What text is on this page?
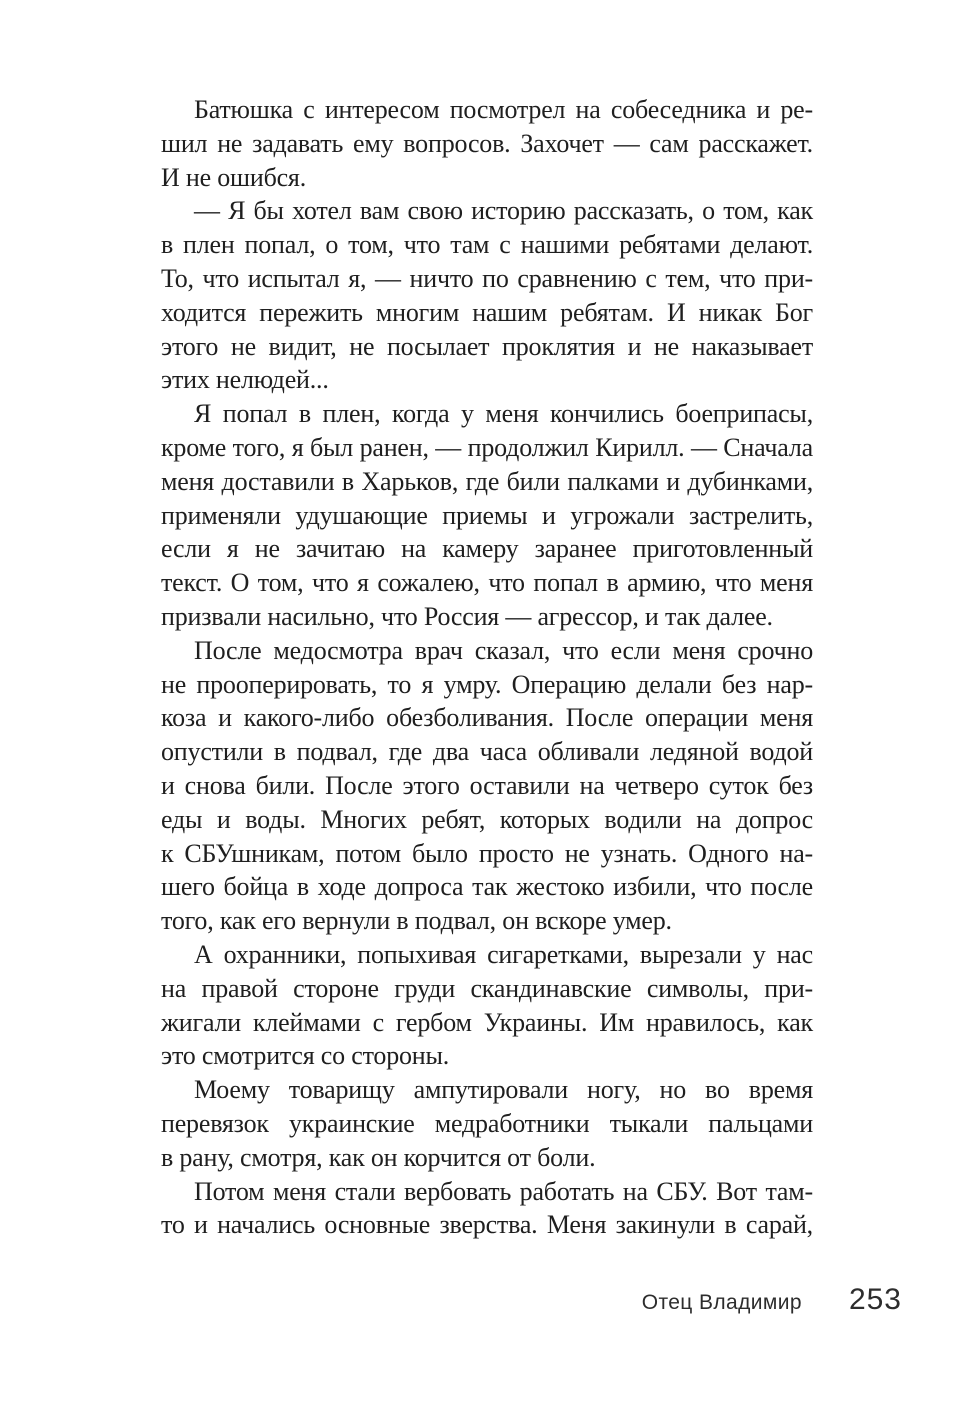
Батюшка с интересом посмотрел на собеседника и ре-
шил не задавать ему вопросов. Захочет — сам расскажет.
И не ошибся.
— Я бы хотел вам свою историю рассказать, о том, как
в плен попал, о том, что там с нашими ребятами делают.
То, что испытал я, — ничто по сравнению с тем, что при-
ходится пережить многим нашим ребятам. И никак Бог
этого не видит, не посылает проклятия и не наказывает
этих нелюдей...
Я попал в плен, когда у меня кончились боеприпасы,
кроме того, я был ранен, — продолжил Кирилл. — Сначала
меня доставили в Харьков, где били палками и дубинками,
применяли удушающие приемы и угрожали застрелить,
если я не зачитаю на камеру заранее приготовленный
текст. О том, что я сожалею, что попал в армию, что меня
призвали насильно, что Россия — агрессор, и так далее.
После медосмотра врач сказал, что если меня срочно
не прооперировать, то я умру. Операцию делали без нар-
коза и какого-либо обезболивания. После операции меня
опустили в подвал, где два часа обливали ледяной водой
и снова били. После этого оставили на четверо суток без
еды и воды. Многих ребят, которых водили на допрос
к СБУшникам, потом было просто не узнать. Одного на-
шего бойца в ходе допроса так жестоко избили, что после
того, как его вернули в подвал, он вскоре умер.
А охранники, попыхивая сигаретками, вырезали у нас
на правой стороне груди скандинавские символы, при-
жигали клеймами с гербом Украины. Им нравилось, как
это смотрится со стороны.
Моему товарищу ампутировали ногу, но во время
перевязок украинские медработники тыкали пальцами
в рану, смотря, как он корчится от боли.
Потом меня стали вербовать работать на СБУ. Вот там-
то и начались основные зверства. Меня закинули в сарай,
Отец Владимир 253
